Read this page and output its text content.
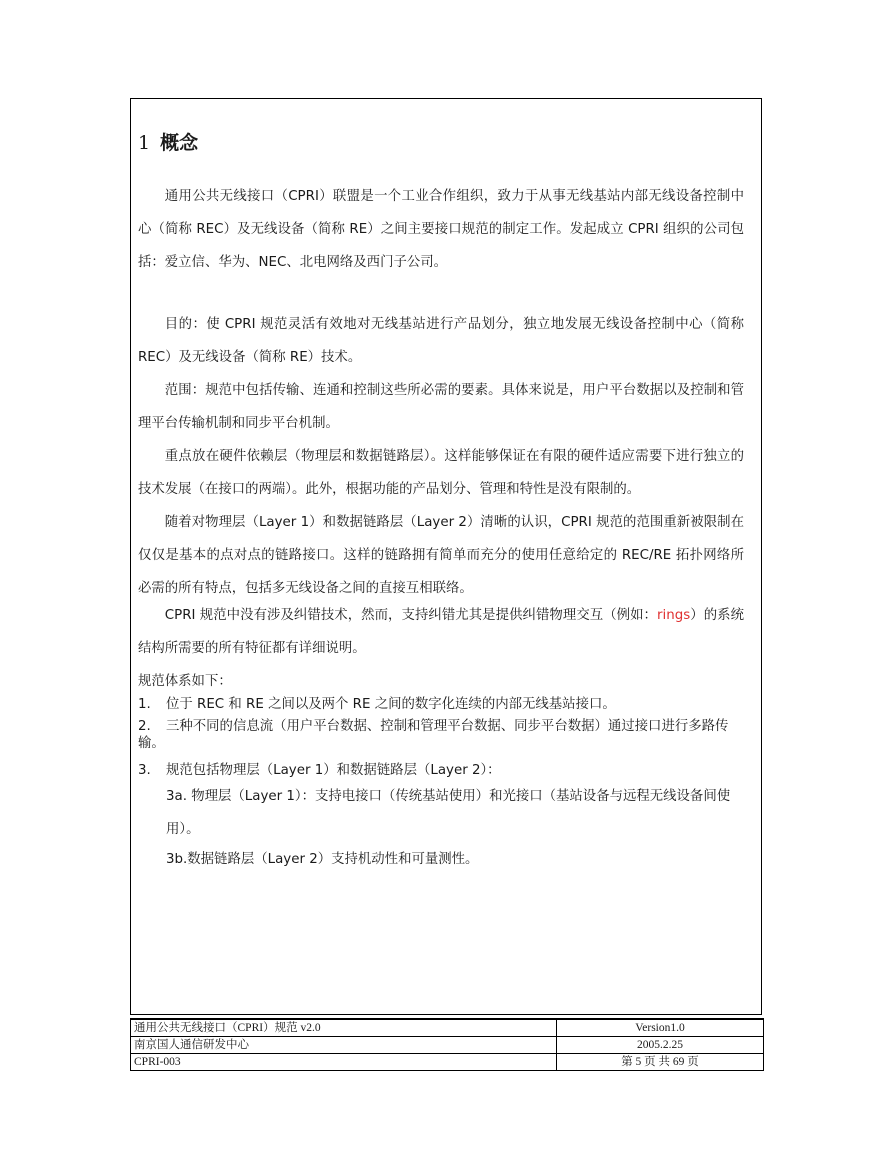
1 概念

通用公共无线接口（CPRI）联盟是一个工业合作组织，致力于从事无线基站内部无线设备控制中心（简称 REC）及无线设备（简称 RE）之间主要接口规范的制定工作。发起成立 CPRI 组织的公司包括：爱立信、华为、NEC、北电网络及西门子公司。

目的：使 CPRI 规范灵活有效地对无线基站进行产品划分，独立地发展无线设备控制中心（简称 REC）及无线设备（简称 RE）技术。

范围：规范中包括传输、连通和控制这些所必需的要素。具体来说是，用户平台数据以及控制和管理平台传输机制和同步平台机制。

重点放在硬件依赖层（物理层和数据链路层）。这样能够保证在有限的硬件适应需要下进行独立的技术发展（在接口的两端）。此外，根据功能的产品划分、管理和特性是没有限制的。

随着对物理层（Layer 1）和数据链路层（Layer 2）清晰的认识，CPRI 规范的范围重新被限制在仅仅是基本的点对点的链路接口。这样的链路拥有简单而充分的使用任意给定的 REC/RE 拓扑网络所必需的所有特点，包括多无线设备之间的直接互相联络。

CPRI 规范中没有涉及纠错技术，然而，支持纠错尤其是提供纠错物理交互（例如：rings）的系统结构所需要的所有特征都有详细说明。

规范体系如下：

1. 位于 REC 和 RE 之间以及两个 RE 之间的数字化连续的内部无线基站接口。
2. 三种不同的信息流（用户平台数据、控制和管理平台数据、同步平台数据）通过接口进行多路传输。
3. 规范包括物理层（Layer 1）和数据链路层（Layer 2）：
3a. 物理层（Layer 1）：支持电接口（传统基站使用）和光接口（基站设备与远程无线设备间使用）。
3b.数据链路层（Layer 2）支持机动性和可量测性。
通用公共无线接口（CPRI）规范 v2.0	Version1.0
南京国人通信研发中心	2005.2.25
CPRI-003	第 5 页 共 69 页
